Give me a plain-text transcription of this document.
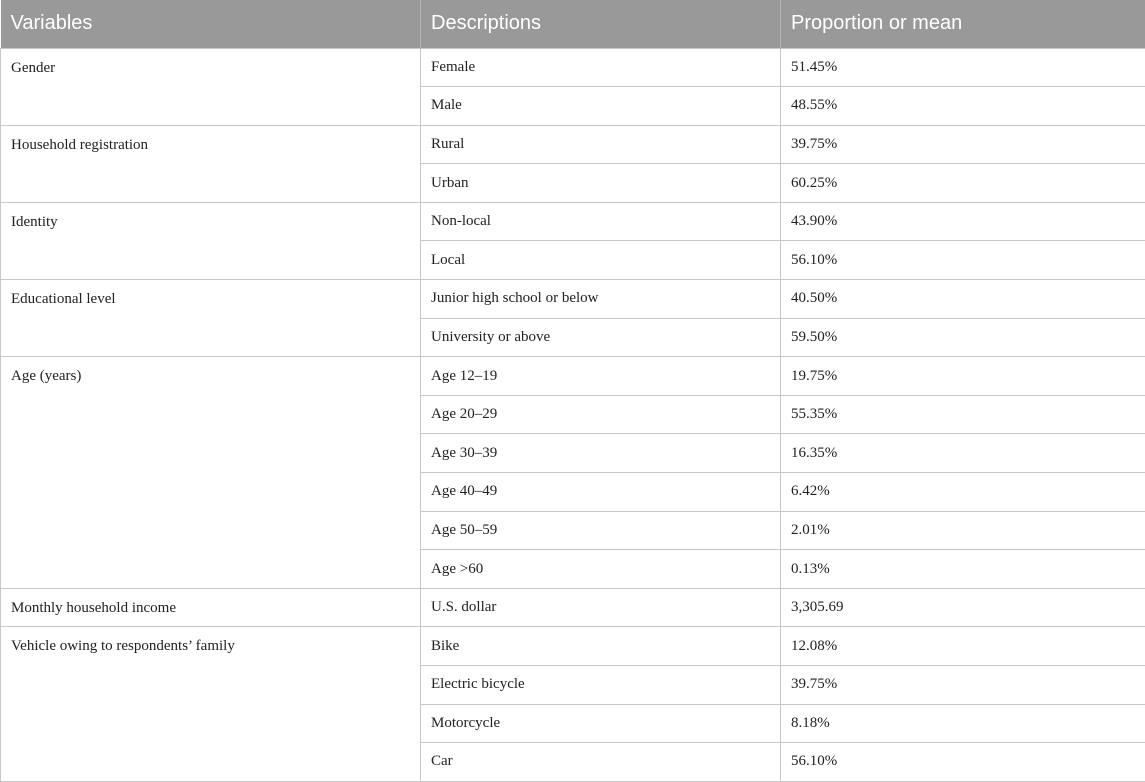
Variables	Descriptions	Proportion or mean
Gender	Female	51.45%
	Male	48.55%
Household registration	Rural	39.75%
	Urban	60.25%
Identity	Non-local	43.90%
	Local	56.10%
Educational level	Junior high school or below	40.50%
	University or above	59.50%
Age (years)	Age 12–19	19.75%
	Age 20–29	55.35%
	Age 30–39	16.35%
	Age 40–49	6.42%
	Age 50–59	2.01%
	Age >60	0.13%
Monthly household income	U.S. dollar	3,305.69
Vehicle owing to respondents’ family	Bike	12.08%
	Electric bicycle	39.75%
	Motorcycle	8.18%
	Car	56.10%
